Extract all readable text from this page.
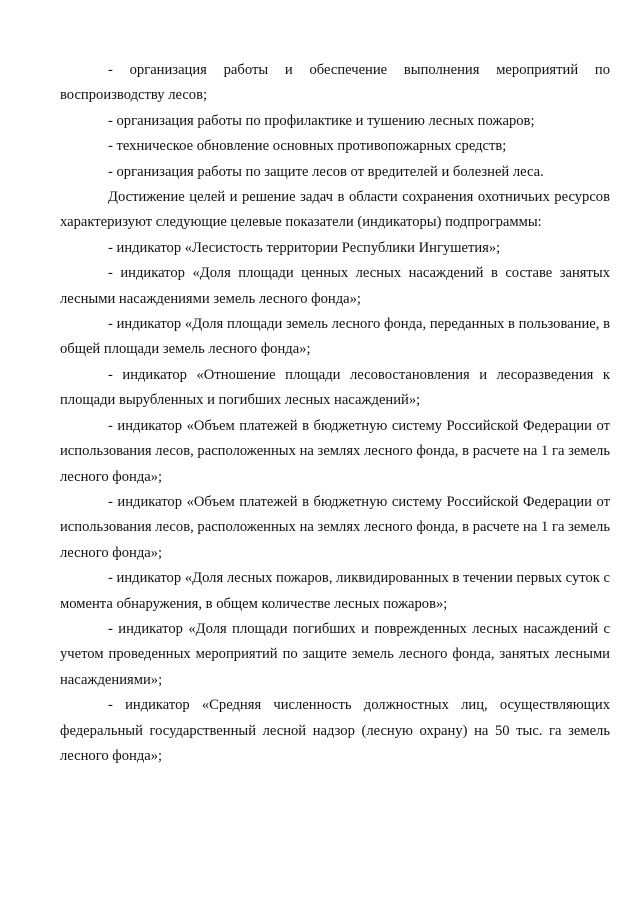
- организация работы и обеспечение выполнения мероприятий по воспроизводству лесов;

- организация работы по профилактике и тушению лесных пожаров;

- техническое обновление основных противопожарных средств;

- организация работы по защите лесов от вредителей и болезней леса.

Достижение целей и решение задач в области сохранения охотничьих ресурсов характеризуют следующие целевые показатели (индикаторы) подпрограммы:

- индикатор «Лесистость территории Республики Ингушетия»;

- индикатор «Доля площади ценных лесных насаждений в составе занятых лесными насаждениями земель лесного фонда»;

- индикатор «Доля площади земель лесного фонда, переданных в пользование, в общей площади земель лесного фонда»;

- индикатор «Отношение площади лесовостановления и лесоразведения к площади вырубленных и погибших лесных насаждений»;

- индикатор «Объем платежей в бюджетную систему Российской Федерации от использования лесов, расположенных на землях лесного фонда, в расчете на 1 га земель лесного фонда»;

- индикатор «Объем платежей в бюджетную систему Российской Федерации от использования лесов, расположенных на землях лесного фонда, в расчете на 1 га земель лесного фонда»;

- индикатор «Доля лесных пожаров, ликвидированных в течении первых суток с момента обнаружения, в общем количестве лесных пожаров»;

- индикатор «Доля площади погибших и поврежденных лесных насаждений с учетом проведенных мероприятий по защите земель лесного фонда, занятых лесными насаждениями»;

- индикатор «Средняя численность должностных лиц, осуществляющих федеральный государственный лесной надзор (лесную охрану) на 50 тыс. га земель лесного фонда»;
